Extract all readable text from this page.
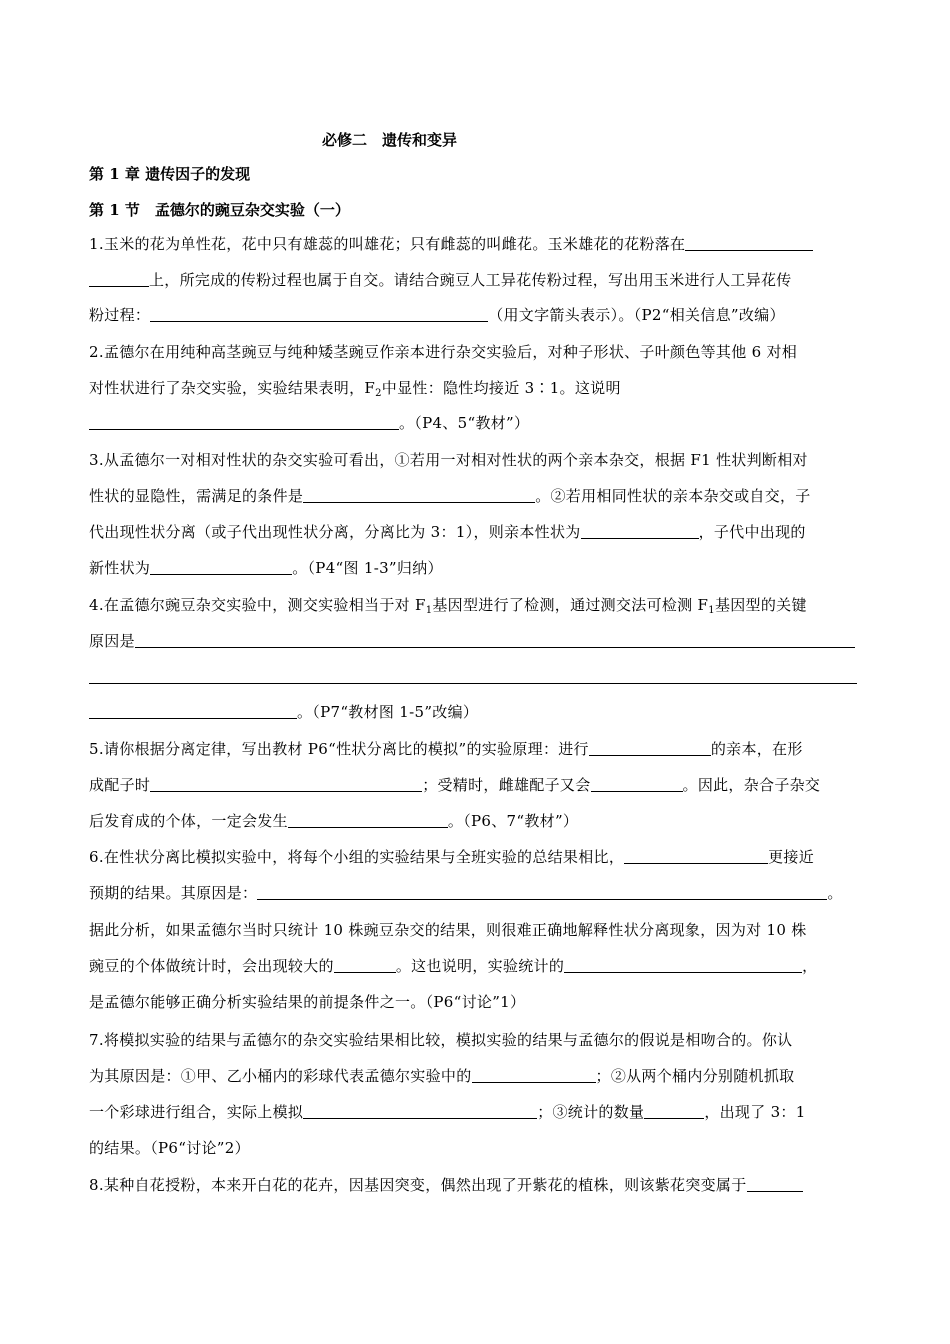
必修二　遗传和变异
第 1 章 遗传因子的发现
第 1 节　孟德尔的豌豆杂交实验（一）
1.玉米的花为单性花，花中只有雄蕊的叫雄花；只有雌蕊的叫雌花。玉米雄花的花粉落在
上，所完成的传粉过程也属于自交。请结合豌豆人工异花传粉过程，写出用玉米进行人工异花传
粉过程：	（用文字箭头表示）。（P2“相关信息”改编）
2.孟德尔在用纯种高茎豌豆与纯种矮茎豌豆作亲本进行杂交实验后，对种子形状、子叶颜色等其他 6 对相
对性状进行了杂交实验，实验结果表明，$F_2$中显性：隐性均接近 3∶1。这说明
。（P4、5“教材”）
3.从孟德尔一对相对性状的杂交实验可看出，①若用一对相对性状的两个亲本杂交，根据 F1 性状判断相对
性状的显隐性，需满足的条件是	。②若用相同性状的亲本杂交或自交，子
代出现性状分离（或子代出现性状分离，分离比为 3：1），则亲本性状为	，子代中出现的
新性状为	。（P4“图 1-3”归纳）
4.在孟德尔豌豆杂交实验中，测交实验相当于对 $F_1$基因型进行了检测，通过测交法可检测 $F_1$基因型的关键
原因是
。（P7“教材图 1-5”改编）
5.请你根据分离定律，写出教材 P6“性状分离比的模拟”的实验原理：进行	的亲本，在形
成配子时	；受精时，雌雄配子又会	。因此，杂合子杂交
后发育成的个体，一定会发生	。（P6、7“教材”）
6.在性状分离比模拟实验中，将每个小组的实验结果与全班实验的总结果相比，	更接近
预期的结果。其原因是：	。
据此分析，如果孟德尔当时只统计 10 株豌豆杂交的结果，则很难正确地解释性状分离现象，因为对 10 株
豌豆的个体做统计时，会出现较大的	。这也说明，实验统计的	，
是孟德尔能够正确分析实验结果的前提条件之一。（P6“讨论”1）
7.将模拟实验的结果与孟德尔的杂交实验结果相比较，模拟实验的结果与孟德尔的假说是相吻合的。你认
为其原因是：①甲、乙小桶内的彩球代表孟德尔实验中的	；②从两个桶内分别随机抓取
一个彩球进行组合，实际上模拟	；③统计的数量	，出现了 3：1
的结果。（P6“讨论”2）
8.某种自花授粉，本来开白花的花卉，因基因突变，偶然出现了开紫花的植株，则该紫花突变属于
